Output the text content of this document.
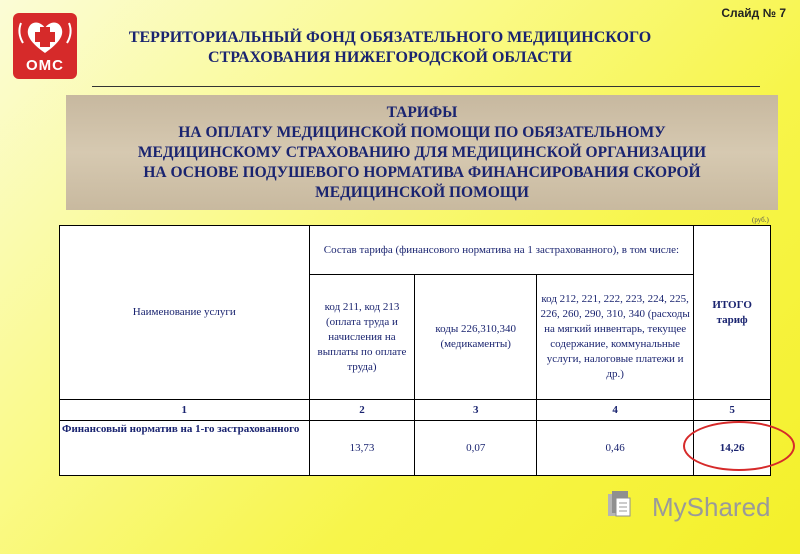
Слайд № 7
ОМС
ТЕРРИТОРИАЛЬНЫЙ ФОНД ОБЯЗАТЕЛЬНОГО МЕДИЦИНСКОГО
СТРАХОВАНИЯ НИЖЕГОРОДСКОЙ ОБЛАСТИ
ТАРИФЫ
НА ОПЛАТУ МЕДИЦИНСКОЙ ПОМОЩИ ПО ОБЯЗАТЕЛЬНОМУ
МЕДИЦИНСКОМУ СТРАХОВАНИЮ ДЛЯ МЕДИЦИНСКОЙ ОРГАНИЗАЦИИ
НА ОСНОВЕ ПОДУШЕВОГО НОРМАТИВА ФИНАНСИРОВАНИЯ СКОРОЙ
МЕДИЦИНСКОЙ ПОМОЩИ
(руб.)
Наименование услуги	Состав тарифа (финансового норматива на 1 застрахованного), в том числе:			ИТОГО тариф
	код 211, код 213 (оплата труда и начисления на выплаты по оплате труда)	коды 226,310,340 (медикаменты)	код 212, 221, 222, 223, 224, 225, 226, 260, 290, 310, 340 (расходы на мягкий инвентарь, текущее содержание, коммунальные услуги, налоговые платежи и др.)	
1	2	3	4	5
Финансовый норматив на 1-го застрахованного	13,73	0,07	0,46	14,26
MyShared
